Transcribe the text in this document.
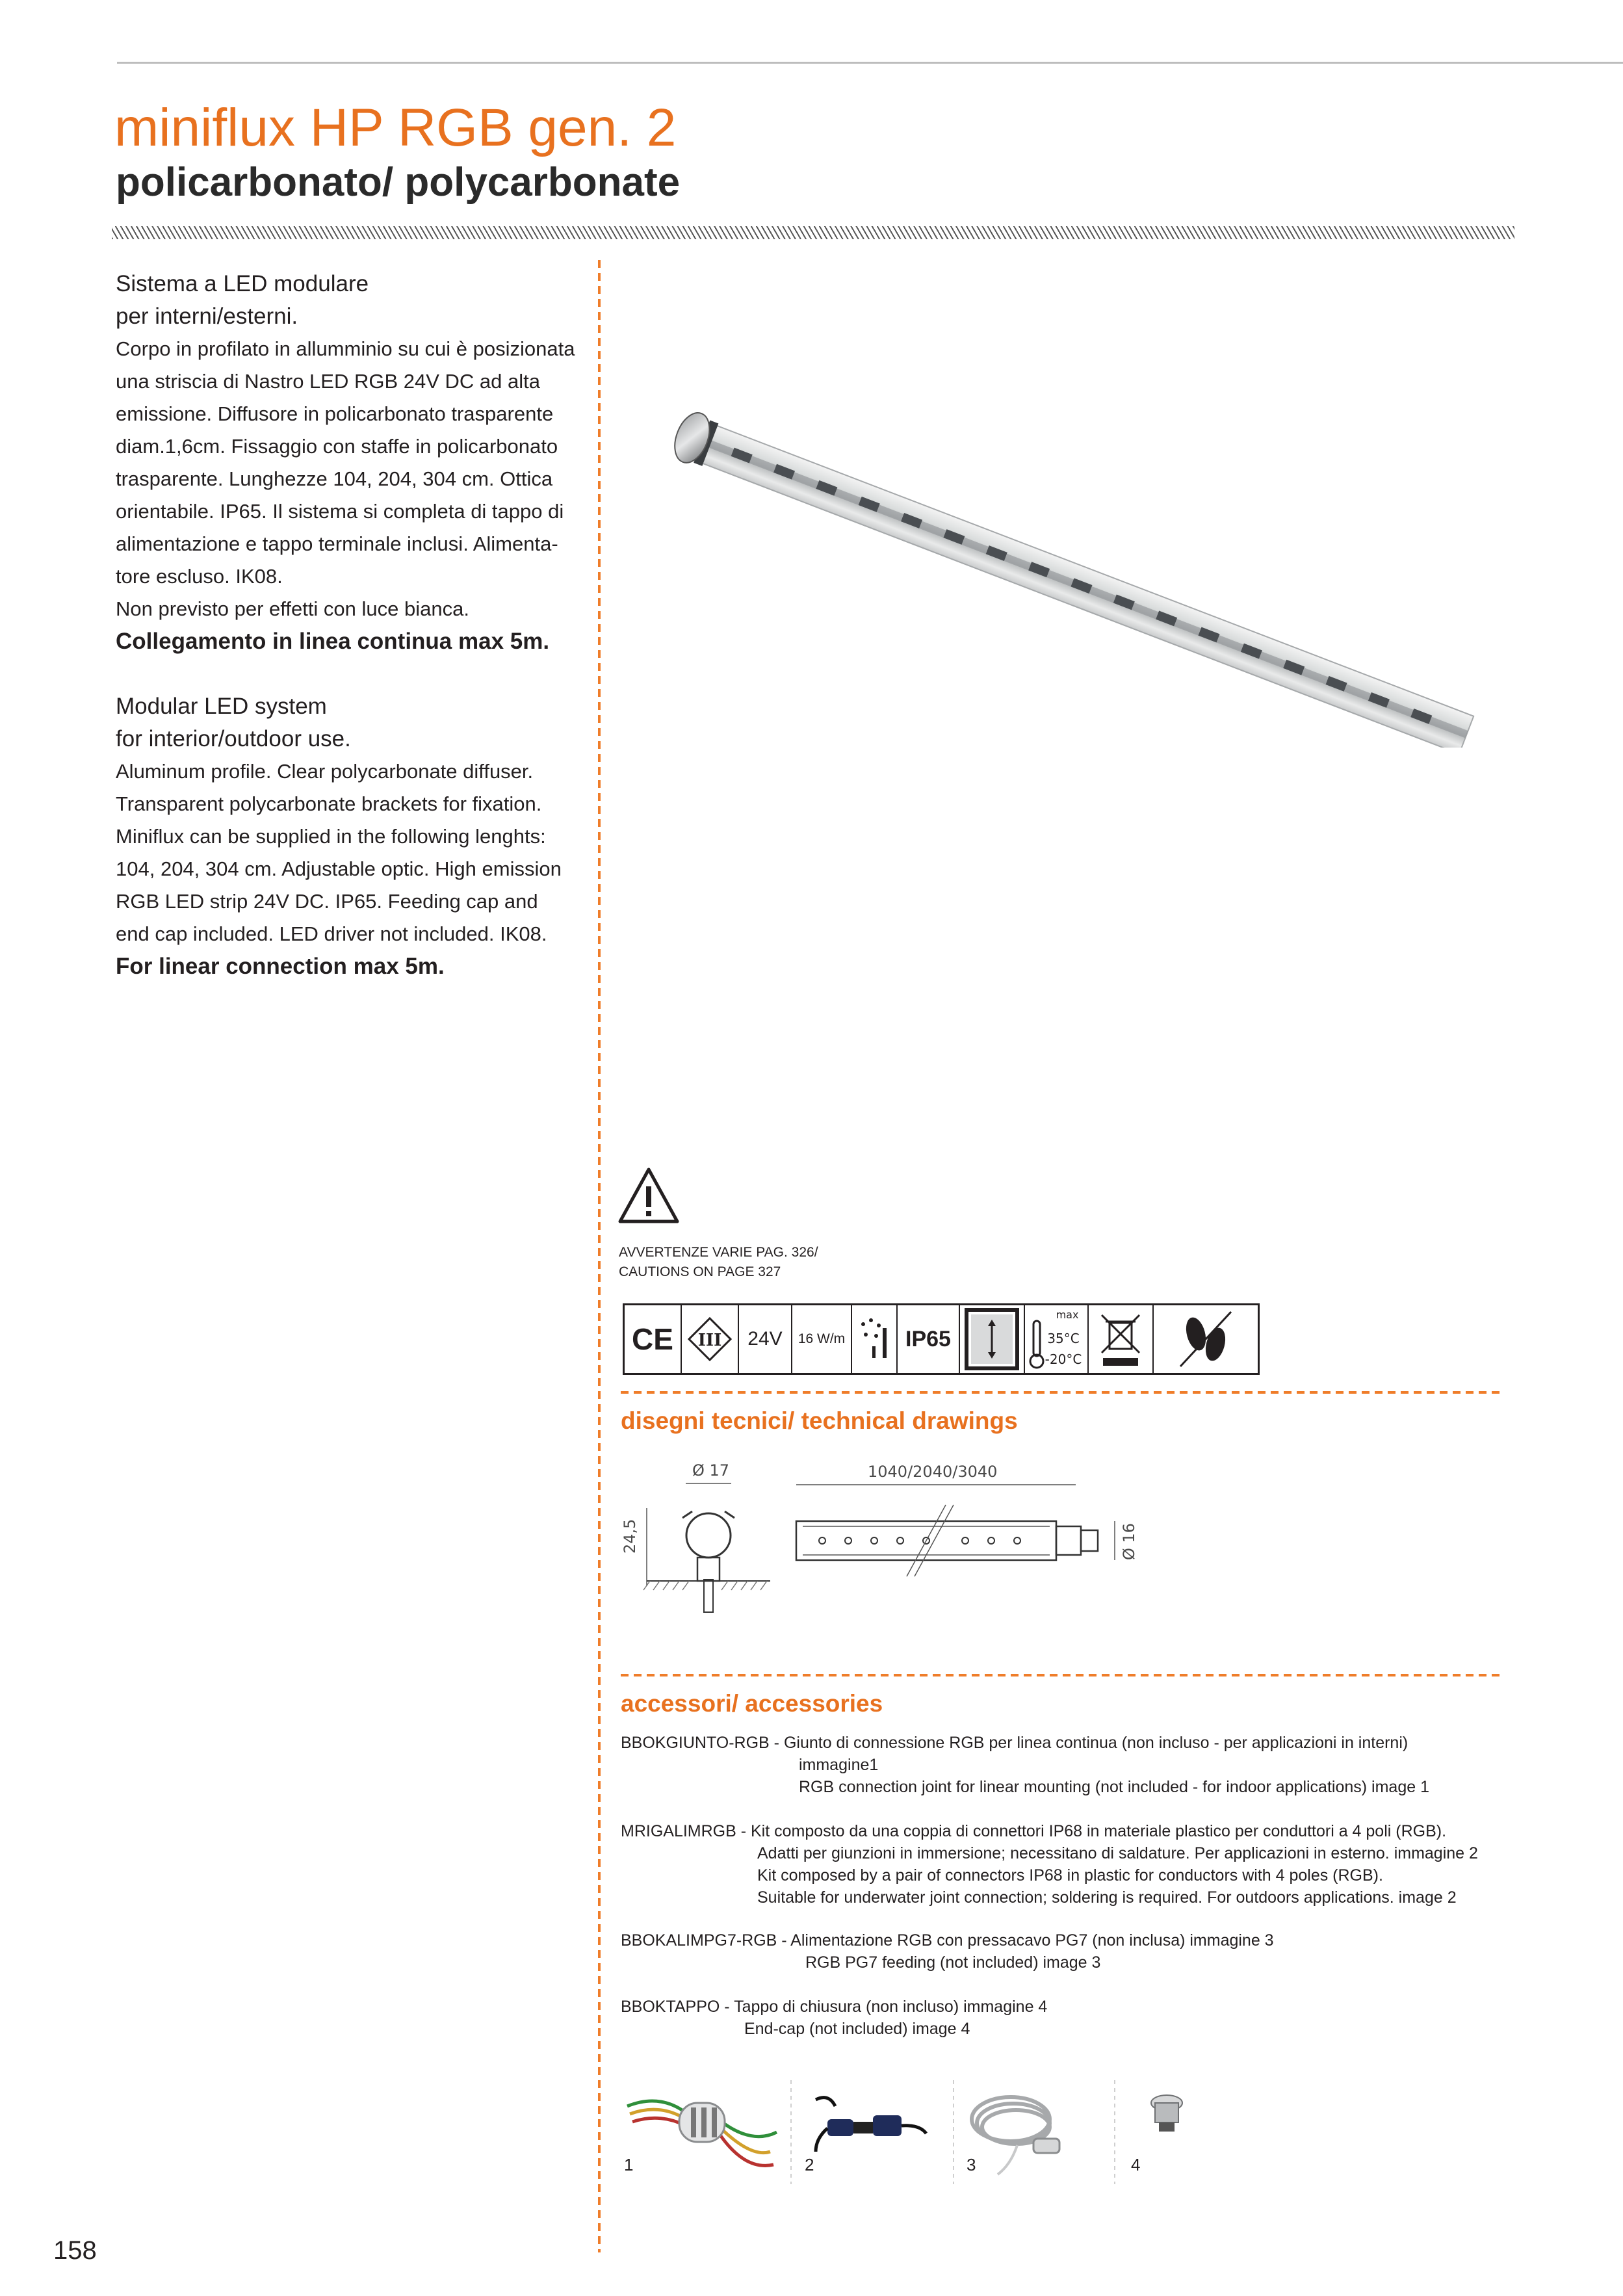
miniflux HP RGB gen. 2
policarbonato/ polycarbonate
Sistema a LED modulare
per interni/esterni.
Corpo in profilato in allumminio su cui è posizionata
una striscia di Nastro LED RGB 24V DC ad alta
emissione. Diffusore in policarbonato trasparente
diam.1,6cm. Fissaggio con staffe in policarbonato
trasparente. Lunghezze 104, 204, 304 cm. Ottica
orientabile. IP65. Il sistema si completa di tappo di
alimentazione e tappo terminale inclusi. Alimenta-
tore escluso. IK08.
Non previsto per effetti con luce bianca.
Collegamento in linea continua max 5m.
Modular LED system
for interior/outdoor use.
Aluminum profile. Clear polycarbonate diffuser.
Transparent polycarbonate brackets for fixation.
Miniflux can be supplied in the following lenghts:
104, 204, 304 cm. Adjustable optic. High emission
RGB LED strip 24V DC. IP65. Feeding cap and
end cap included. LED driver not included. IK08.
For linear connection max 5m.
AVVERTENZE VARIE PAG. 326/
CAUTIONS ON PAGE 327
CE	III	24V	16 W/m	IP65
max
35°C
-20°C
disegni tecnici/ technical drawings
Ø 17
24,5
1040/2040/3040
Ø 16
accessori/ accessories
BBOKGIUNTO-RGB - Giunto di connessione RGB per linea continua (non incluso - per applicazioni in interni)
immagine1
RGB connection joint for linear mounting (not included - for indoor applications) image 1
MRIGALIMRGB - Kit composto da una coppia di connettori IP68 in materiale plastico per conduttori a 4 poli (RGB).
Adatti per giunzioni in immersione; necessitano di saldature. Per applicazioni in esterno. immagine 2
Kit composed by a pair of connectors IP68 in plastic for conductors with 4 poles (RGB).
Suitable for underwater joint connection; soldering is required. For outdoors applications. image 2
BBOKALIMPG7-RGB - Alimentazione RGB con pressacavo PG7 (non inclusa) immagine 3
RGB PG7 feeding (not included) image 3
BBOKTAPPO - Tappo di chiusura (non incluso) immagine 4
End-cap (not included) image 4
1	2	3	4
158
